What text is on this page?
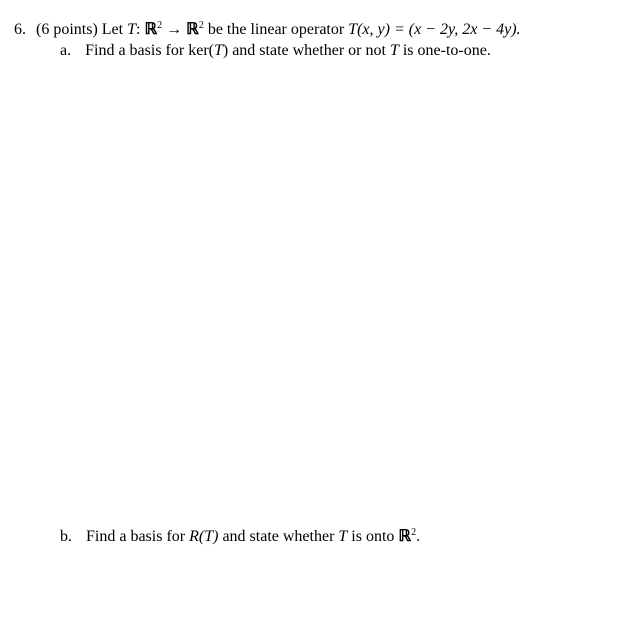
6. (6 points) Let T: ℝ$^2$ → ℝ$^2$ be the linear operator T(x, y) = (x − 2y, 2x − 4y).
a. Find a basis for ker(T) and state whether or not T is one-to-one.
b. Find a basis for R(T) and state whether T is onto ℝ$^2$.
